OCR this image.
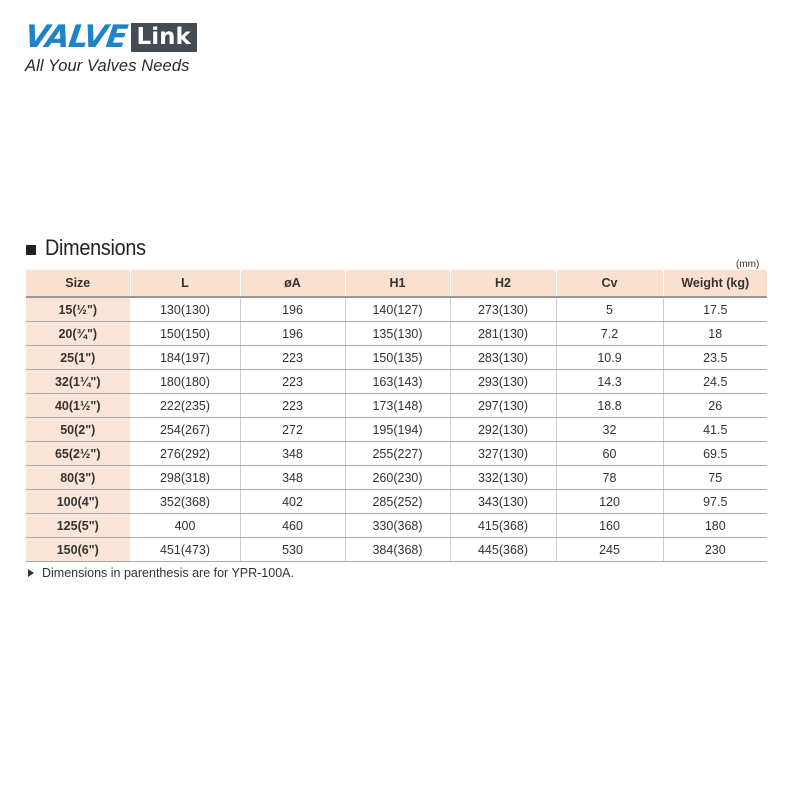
VALVE Link
All Your Valves Needs
Dimensions
(mm)
Size	L	øA	H1	H2	Cv	Weight (kg)
15(½")	130(130)	196	140(127)	273(130)	5	17.5
20(¾")	150(150)	196	135(130)	281(130)	7.2	18
25(1")	184(197)	223	150(135)	283(130)	10.9	23.5
32(1¼")	180(180)	223	163(143)	293(130)	14.3	24.5
40(1½")	222(235)	223	173(148)	297(130)	18.8	26
50(2")	254(267)	272	195(194)	292(130)	32	41.5
65(2½")	276(292)	348	255(227)	327(130)	60	69.5
80(3")	298(318)	348	260(230)	332(130)	78	75
100(4")	352(368)	402	285(252)	343(130)	120	97.5
125(5")	400	460	330(368)	415(368)	160	180
150(6")	451(473)	530	384(368)	445(368)	245	230
Dimensions in parenthesis are for YPR-100A.
